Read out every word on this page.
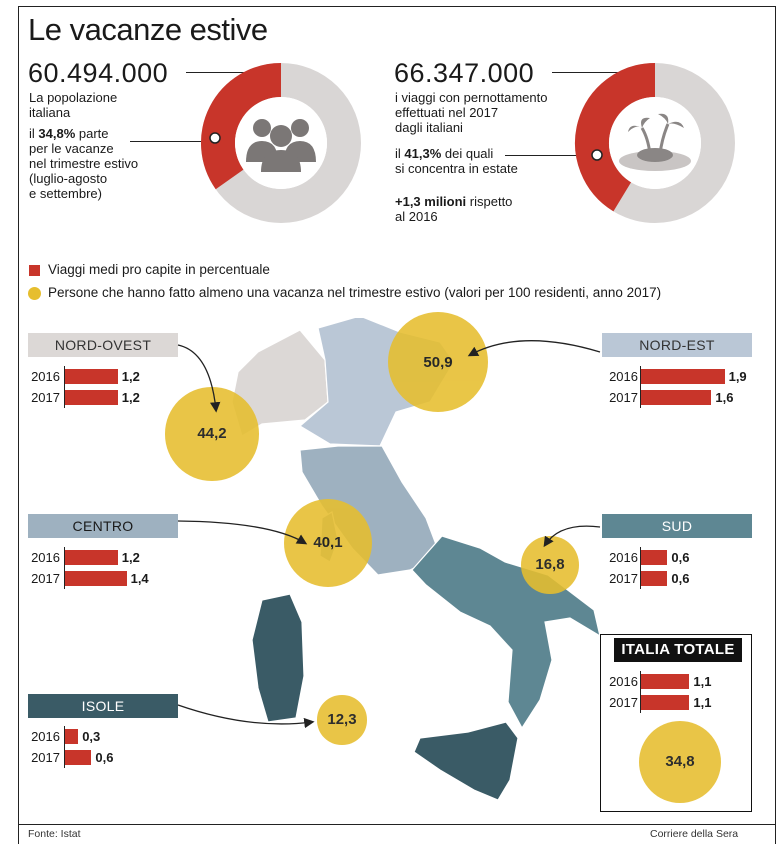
Le vacanze estive
60.494.000
La popolazione
italiana
il 34,8% parte
per le vacanze
nel trimestre estivo
(luglio-agosto
e settembre)
66.347.000
i viaggi con pernottamento
effettuati nel 2017
dagli italiani
il 41,3% dei quali
si concentra in estate
+1,3 milioni rispetto
al 2016
Viaggi medi pro capite in percentuale
Persone che hanno fatto almeno una vacanza nel trimestre estivo (valori per 100 residenti, anno 2017)
NORD-OVEST
2016	1,2
2017	1,2
44,2
NORD-EST
2016	1,9
2017	1,6
50,9
CENTRO
2016	1,2
2017	1,4
40,1
SUD
2016	0,6
2017	0,6
16,8
ISOLE
2016 0,3
2017	0,6
12,3
ITALIA TOTALE
2016	1,1
2017	1,1
34,8
Fonte: Istat	Corriere della Sera
